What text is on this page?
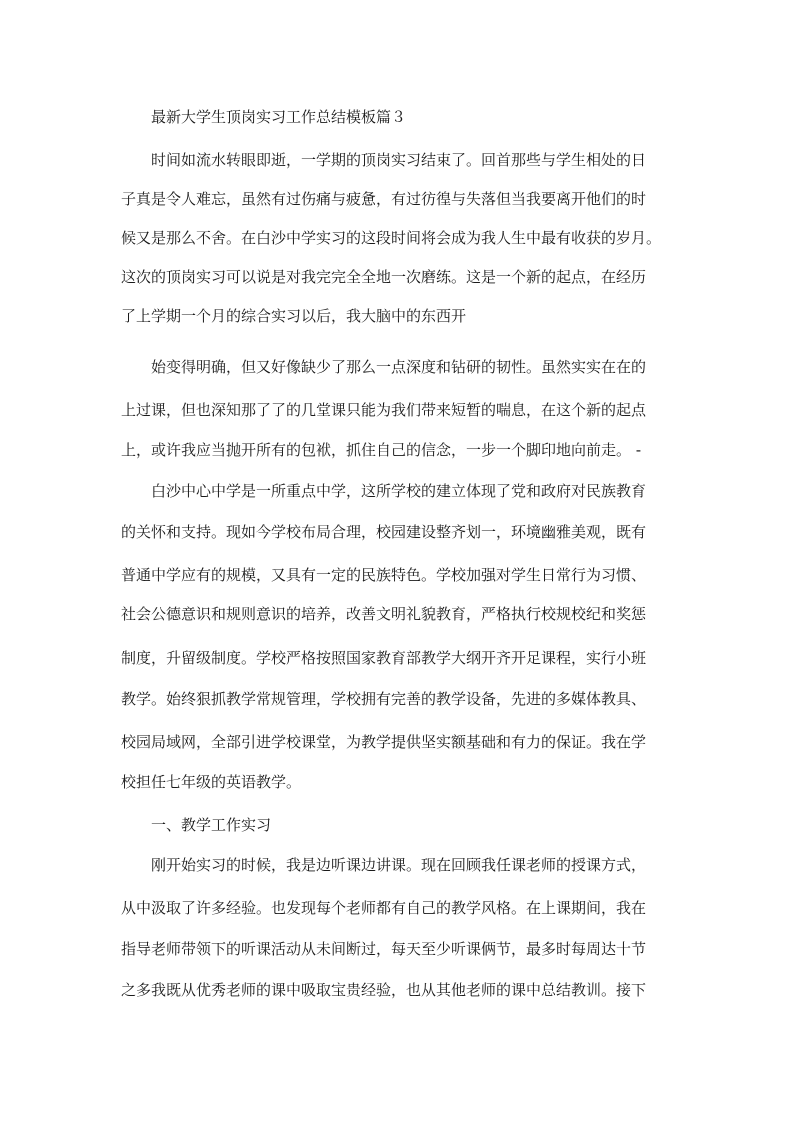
最新大学生顶岗实习工作总结模板篇３
时间如流水转眼即逝，一学期的顶岗实习结束了。回首那些与学生相处的日
子真是令人难忘，虽然有过伤痛与疲惫，有过彷徨与失落但当我要离开他们的时
候又是那么不舍。在白沙中学实习的这段时间将会成为我人生中最有收获的岁月。
这次的顶岗实习可以说是对我完完全全地一次磨练。这是一个新的起点，在经历
了上学期一个月的综合实习以后，我大脑中的东西开
始变得明确，但又好像缺少了那么一点深度和钻研的韧性。虽然实实在在的
上过课，但也深知那了了的几堂课只能为我们带来短暂的喘息，在这个新的起点
上，或许我应当抛开所有的包袱，抓住自己的信念，一步一个脚印地向前走。 -
白沙中心中学是一所重点中学，这所学校的建立体现了党和政府对民族教育
的关怀和支持。现如今学校布局合理，校园建设整齐划一，环境幽雅美观，既有
普通中学应有的规模，又具有一定的民族特色。学校加强对学生日常行为习惯、
社会公德意识和规则意识的培养，改善文明礼貌教育，严格执行校规校纪和奖惩
制度，升留级制度。学校严格按照国家教育部教学大纲开齐开足课程，实行小班
教学。始终狠抓教学常规管理，学校拥有完善的教学设备，先进的多媒体教具、
校园局域网，全部引进学校课堂，为教学提供坚实额基础和有力的保证。我在学
校担任七年级的英语教学。
一、教学工作实习
刚开始实习的时候，我是边听课边讲课。现在回顾我任课老师的授课方式，
从中汲取了许多经验。也发现每个老师都有自己的教学风格。在上课期间，我在
指导老师带领下的听课活动从未间断过，每天至少听课俩节，最多时每周达十节
之多我既从优秀老师的课中吸取宝贵经验，也从其他老师的课中总结教训。接下
